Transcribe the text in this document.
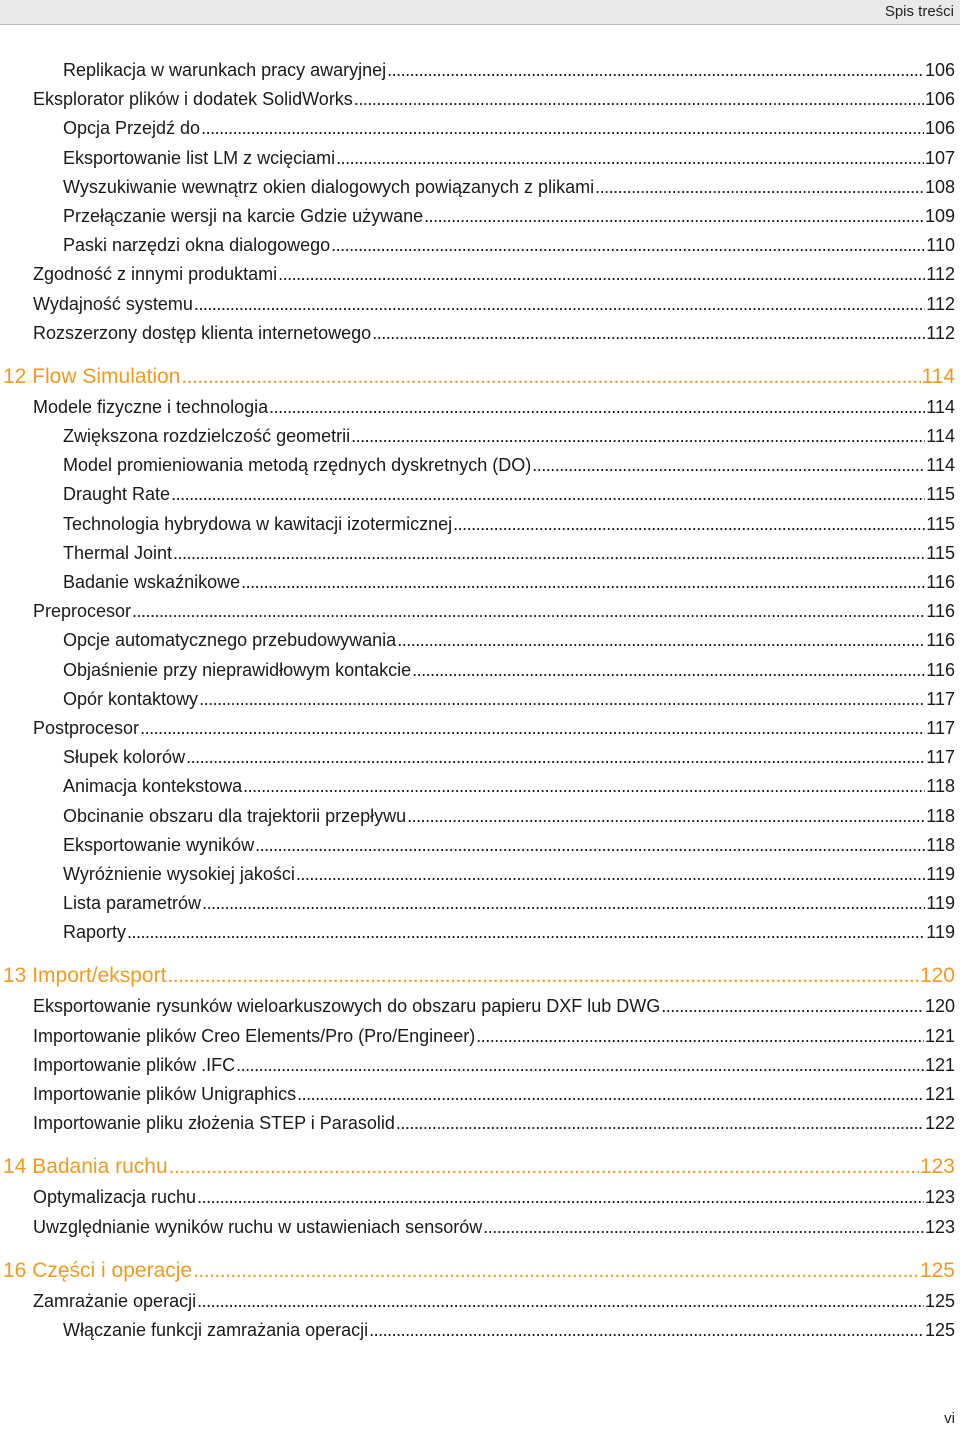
Spis treści
Replikacja w warunkach pracy awaryjnej .....	106
Eksplorator plików i dodatek SolidWorks .....	106
Opcja Przejdź do .....	106
Eksportowanie list LM z wcięciami .....	107
Wyszukiwanie wewnątrz okien dialogowych powiązanych z plikami .....	108
Przełączanie wersji na karcie Gdzie używane .....	109
Paski narzędzi okna dialogowego .....	110
Zgodność z innymi produktami .....	112
Wydajność systemu .....	112
Rozszerzony dostęp klienta internetowego .....	112
12 Flow Simulation .....	114
Modele fizyczne i technologia .....	114
Zwiększona rozdzielczość geometrii .....	114
Model promieniowania metodą rzędnych dyskretnych (DO) .....	114
Draught Rate .....	115
Technologia hybrydowa w kawitacji izotermicznej .....	115
Thermal Joint .....	115
Badanie wskaźnikowe .....	116
Preprocesor .....	116
Opcje automatycznego przebudowywania .....	116
Objaśnienie przy nieprawidłowym kontakcie .....	116
Opór kontaktowy .....	117
Postprocesor .....	117
Słupek kolorów .....	117
Animacja kontekstowa .....	118
Obcinanie obszaru dla trajektorii przepływu .....	118
Eksportowanie wyników .....	118
Wyróżnienie wysokiej jakości .....	119
Lista parametrów .....	119
Raporty .....	119
13 Import/eksport .....	120
Eksportowanie rysunków wieloarkuszowych do obszaru papieru DXF lub DWG .....	120
Importowanie plików Creo Elements/Pro (Pro/Engineer) .....	121
Importowanie plików .IFC .....	121
Importowanie plików Unigraphics .....	121
Importowanie pliku złożenia STEP i Parasolid .....	122
14 Badania ruchu .....	123
Optymalizacja ruchu .....	123
Uwzględnianie wyników ruchu w ustawieniach sensorów .....	123
16 Części i operacje .....	125
Zamrażanie operacji .....	125
Włączanie funkcji zamrażania operacji .....	125
vi
